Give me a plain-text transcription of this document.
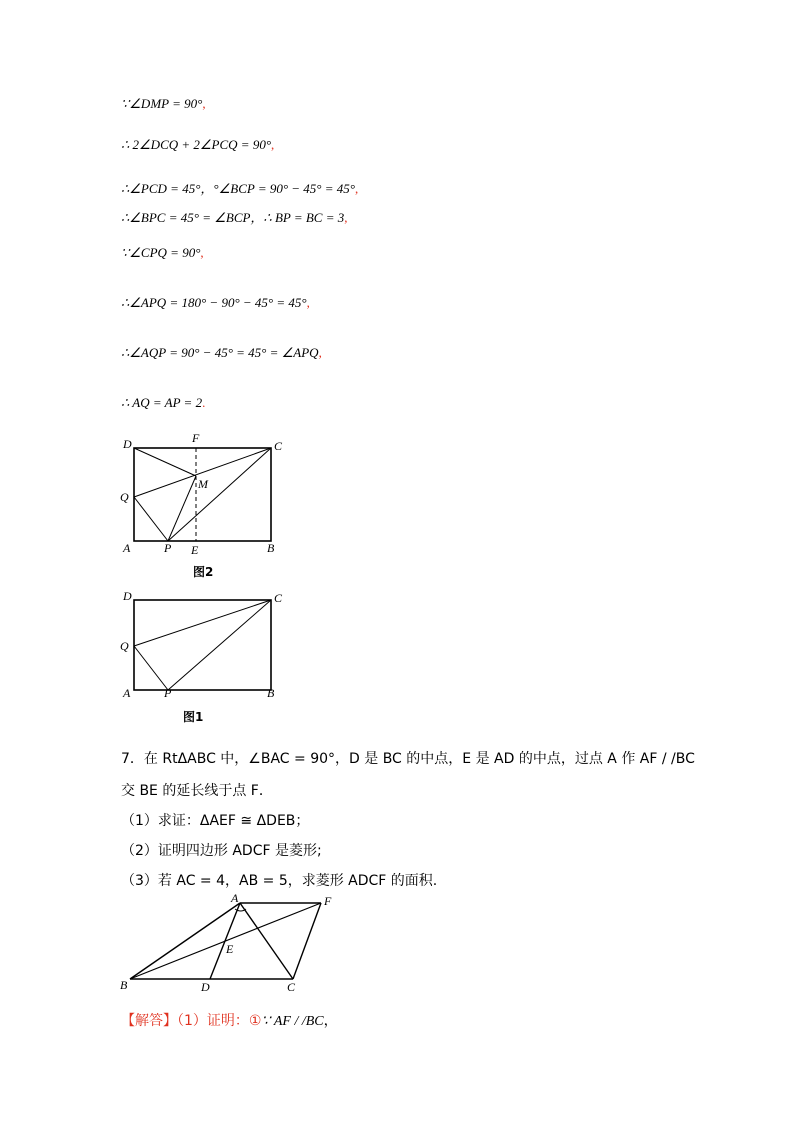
∵∠DMP = 90°,
∴ 2∠DCQ + 2∠PCQ = 90°,
∴∠PCD = 45°，°∠BCP = 90° − 45° = 45°,
∴∠BPC = 45° = ∠BCP，∴ BP = BC = 3,
∵∠CPQ = 90°,
∴∠APQ = 180° − 90° − 45° = 45°,
∴∠AQP = 90° − 45° = 45° = ∠APQ,
∴ AQ = AP = 2.
D	F
C
Q
M
A	P E	B
图2
D	C
Q
A	P	B
图1
7．在 RtΔABC 中，∠BAC = 90°，D 是 BC 的中点，E 是 AD 的中点，过点 A 作 AF / /BC
交 BE 的延长线于点 F．
（1）求证：ΔAEF ≅ ΔDEB；
（2）证明四边形 ADCF 是菱形;
（3）若 AC = 4，AB = 5，求菱形 ADCF 的面积.
A	F
E
B	D	C
【解答】（1）证明：①∵ AF / /BC，
